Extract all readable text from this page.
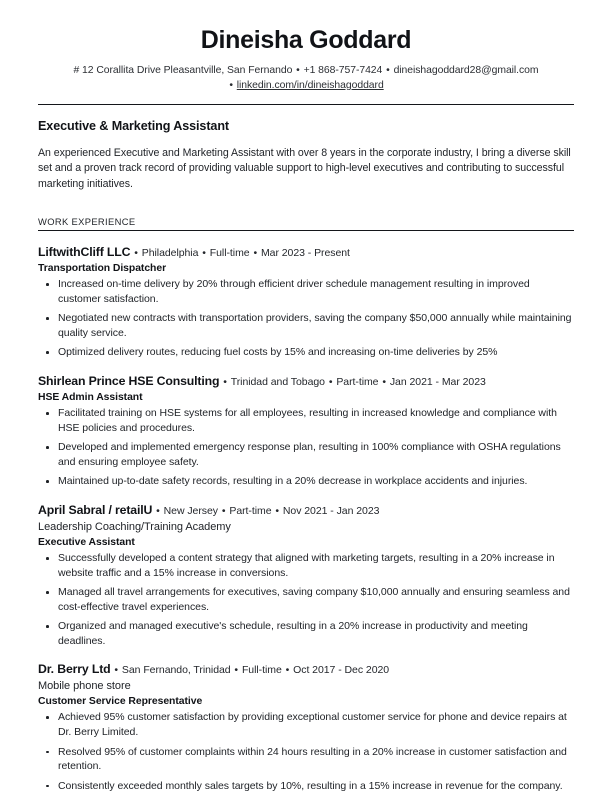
Dineisha Goddard

# 12 Corallita Drive Pleasantville, San Fernando • +1 868-757-7424 • dineishagoddard28@gmail.com

• linkedin.com/in/dineishagoddard

Executive & Marketing Assistant

An experienced Executive and Marketing Assistant with over 8 years in the corporate industry, I bring a diverse skill set and a proven track record of providing valuable support to high-level executives and contributing to successful marketing initiatives.

WORK EXPERIENCE
LiftwithCliff LLC • Philadelphia • Full-time • Mar 2023 - Present
Transportation Dispatcher
Increased on-time delivery by 20% through efficient driver schedule management resulting in improved customer satisfaction.
Negotiated new contracts with transportation providers, saving the company $50,000 annually while maintaining quality service.
Optimized delivery routes, reducing fuel costs by 15% and increasing on-time deliveries by 25%
Shirlean Prince HSE Consulting • Trinidad and Tobago • Part-time • Jan 2021 - Mar 2023
HSE Admin Assistant
Facilitated training on HSE systems for all employees, resulting in increased knowledge and compliance with HSE policies and procedures.
Developed and implemented emergency response plan, resulting in 100% compliance with OSHA regulations and ensuring employee safety.
Maintained up-to-date safety records, resulting in a 20% decrease in workplace accidents and injuries.
April Sabral / retailU • New Jersey • Part-time • Nov 2021 - Jan 2023
Leadership Coaching/Training Academy
Executive Assistant
Successfully developed a content strategy that aligned with marketing targets, resulting in a 20% increase in website traffic and a 15% increase in conversions.
Managed all travel arrangements for executives, saving company $10,000 annually and ensuring seamless and cost-effective travel experiences.
Organized and managed executive's schedule, resulting in a 20% increase in productivity and meeting deadlines.
Dr. Berry Ltd • San Fernando, Trinidad • Full-time • Oct 2017 - Dec 2020
Mobile phone store
Customer Service Representative
Achieved 95% customer satisfaction by providing exceptional customer service for phone and device repairs at Dr. Berry Limited.
Resolved 95% of customer complaints within 24 hours resulting in a 20% increase in customer satisfaction and retention.
Consistently exceeded monthly sales targets by 10%, resulting in a 15% increase in revenue for the company.
